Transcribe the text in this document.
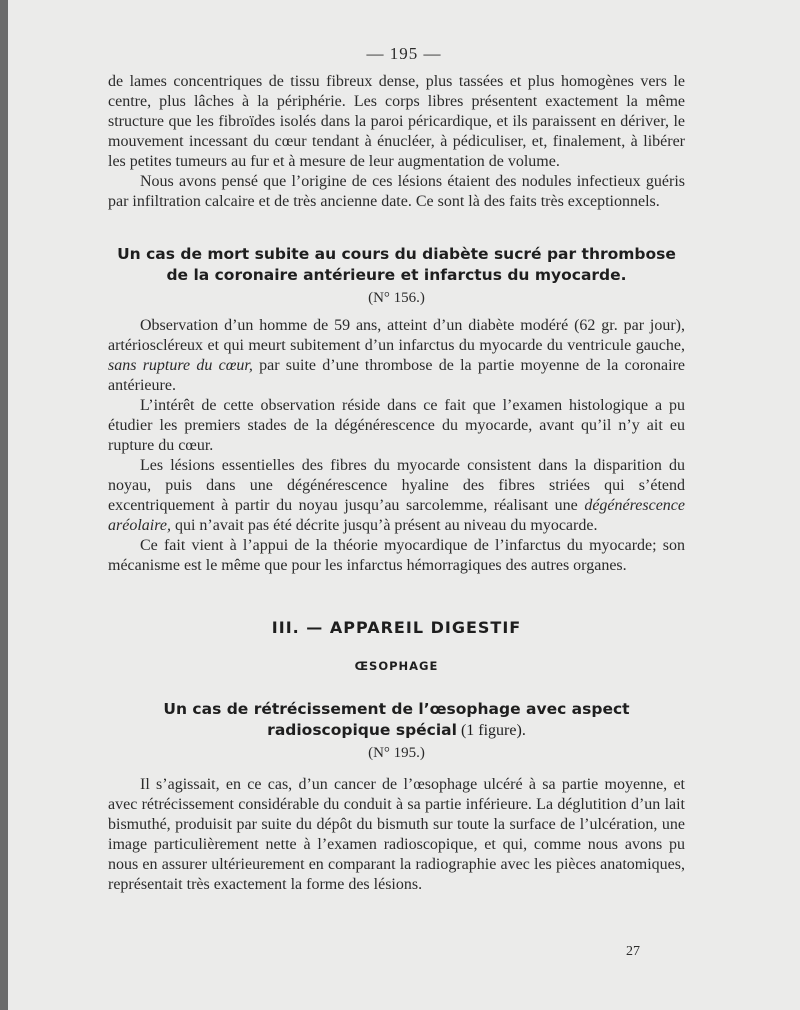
— 195 —

de lames concentriques de tissu fibreux dense, plus tassées et plus homogènes vers le centre, plus lâches à la périphérie. Les corps libres présentent exactement la même structure que les fibroïdes isolés dans la paroi péricardique, et ils paraissent en dériver, le mouvement incessant du cœur tendant à énucléer, à pédiculiser, et, finalement, à libérer les petites tumeurs au fur et à mesure de leur augmentation de volume.

Nous avons pensé que l’origine de ces lésions étaient des nodules infectieux guéris par infiltration calcaire et de très ancienne date. Ce sont là des faits très exceptionnels.

Un cas de mort subite au cours du diabète sucré par thrombose de la coronaire antérieure et infarctus du myocarde.
(N° 156.)

Observation d’un homme de 59 ans, atteint d’un diabète modéré (62 gr. par jour), artérioscléreux et qui meurt subitement d’un infarctus du myocarde du ventricule gauche, sans rupture du cœur, par suite d’une thrombose de la partie moyenne de la coronaire antérieure.

L’intérêt de cette observation réside dans ce fait que l’examen histologique a pu étudier les premiers stades de la dégénérescence du myocarde, avant qu’il n’y ait eu rupture du cœur.

Les lésions essentielles des fibres du myocarde consistent dans la disparition du noyau, puis dans une dégénérescence hyaline des fibres striées qui s’étend excentriquement à partir du noyau jusqu’au sarcolemme, réalisant une dégénérescence aréolaire, qui n’avait pas été décrite jusqu’à présent au niveau du myocarde.

Ce fait vient à l’appui de la théorie myocardique de l’infarctus du myocarde; son mécanisme est le même que pour les infarctus hémorragiques des autres organes.

III. — APPAREIL DIGESTIF
ŒSOPHAGE
Un cas de rétrécissement de l’œsophage avec aspect radioscopique spécial (1 figure).
(N° 195.)

Il s’agissait, en ce cas, d’un cancer de l’œsophage ulcéré à sa partie moyenne, et avec rétrécissement considérable du conduit à sa partie inférieure. La déglutition d’un lait bismuthé, produisit par suite du dépôt du bismuth sur toute la surface de l’ulcération, une image particulièrement nette à l’examen radioscopique, et qui, comme nous avons pu nous en assurer ultérieurement en comparant la radiographie avec les pièces anatomiques, représentait très exactement la forme des lésions.

27
